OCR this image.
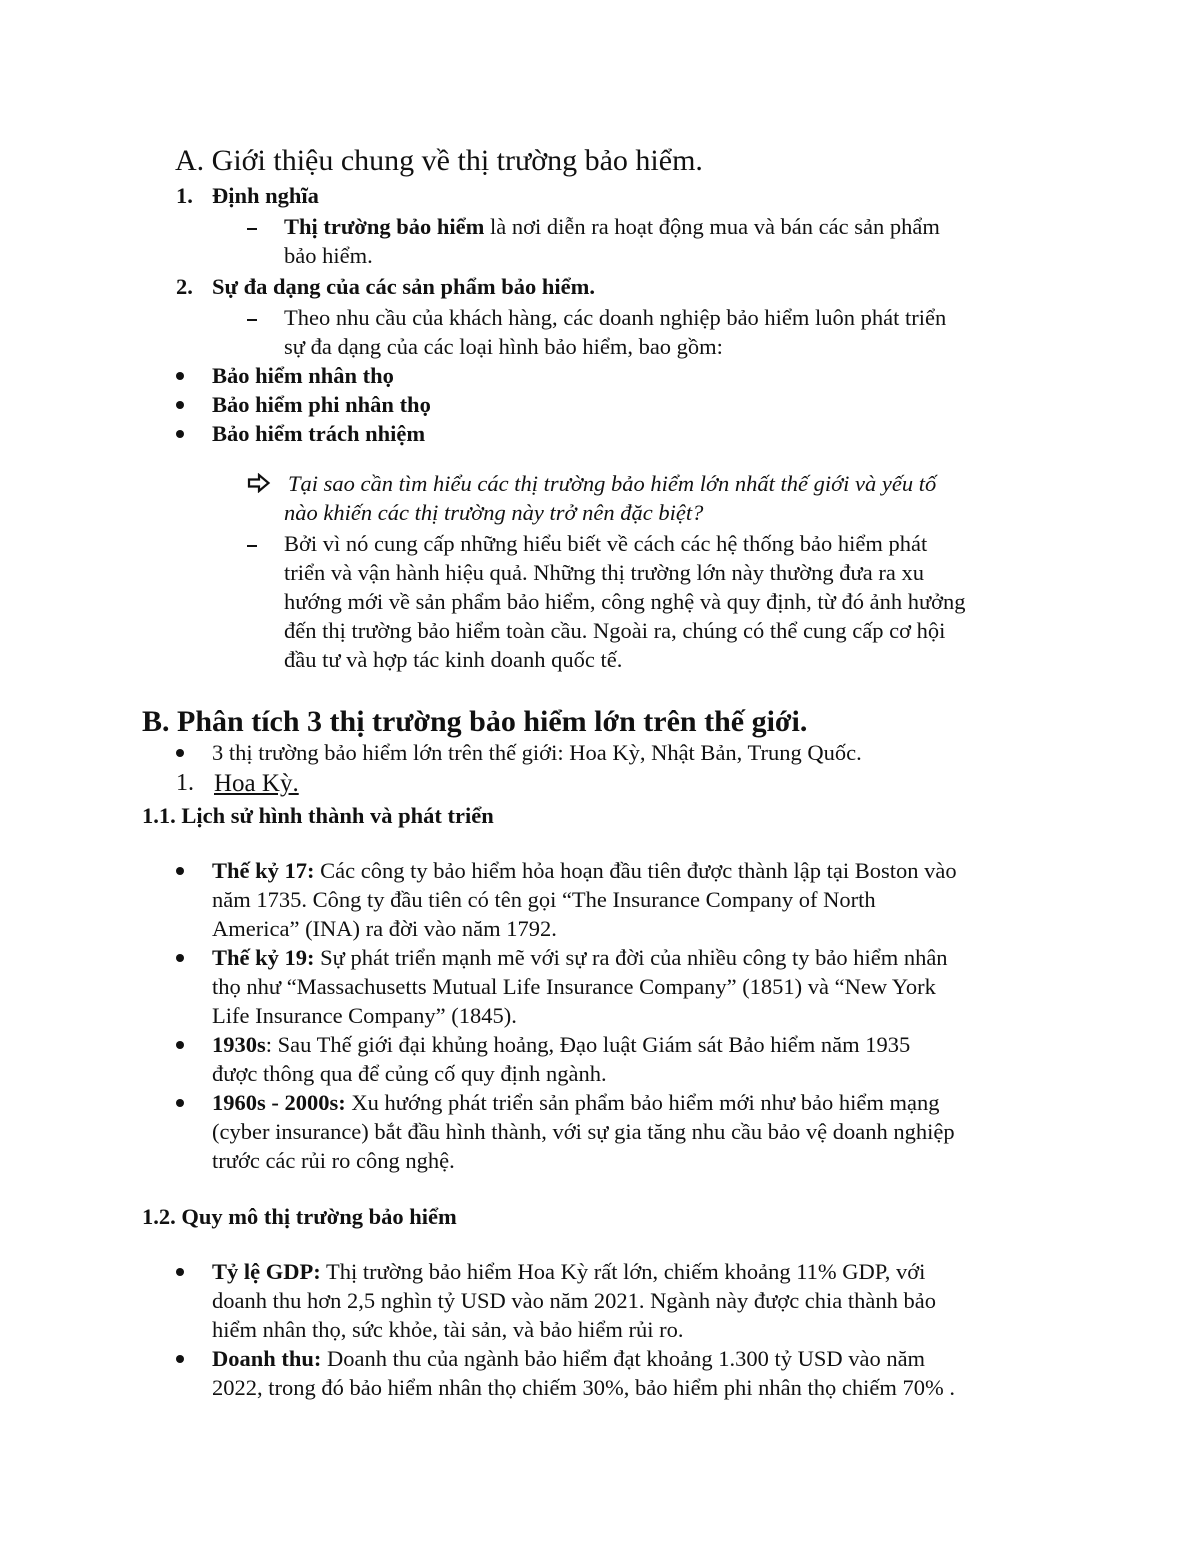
A. Giới thiệu chung về thị trường bảo hiểm.
1. Định nghĩa
Thị trường bảo hiểm là nơi diễn ra hoạt động mua và bán các sản phẩm
bảo hiểm.
2. Sự đa dạng của các sản phẩm bảo hiểm.
Theo nhu cầu của khách hàng, các doanh nghiệp bảo hiểm luôn phát triển
sự đa dạng của các loại hình bảo hiểm, bao gồm:
Bảo hiểm nhân thọ
Bảo hiểm phi nhân thọ
Bảo hiểm trách nhiệm
Tại sao cần tìm hiểu các thị trường bảo hiểm lớn nhất thế giới và yếu tố
nào khiến các thị trường này trở nên đặc biệt?
Bởi vì nó cung cấp những hiểu biết về cách các hệ thống bảo hiểm phát
triển và vận hành hiệu quả. Những thị trường lớn này thường đưa ra xu
hướng mới về sản phẩm bảo hiểm, công nghệ và quy định, từ đó ảnh hưởng
đến thị trường bảo hiểm toàn cầu. Ngoài ra, chúng có thể cung cấp cơ hội
đầu tư và hợp tác kinh doanh quốc tế.
B. Phân tích 3 thị trường bảo hiểm lớn trên thế giới.
3 thị trường bảo hiểm lớn trên thế giới: Hoa Kỳ, Nhật Bản, Trung Quốc.
1. Hoa Kỳ.
1.1. Lịch sử hình thành và phát triển
Thế kỷ 17: Các công ty bảo hiểm hỏa hoạn đầu tiên được thành lập tại Boston vào
năm 1735. Công ty đầu tiên có tên gọi “The Insurance Company of North
America” (INA) ra đời vào năm 1792.
Thế kỷ 19: Sự phát triển mạnh mẽ với sự ra đời của nhiều công ty bảo hiểm nhân
thọ như “Massachusetts Mutual Life Insurance Company” (1851) và “New York
Life Insurance Company” (1845).
1930s: Sau Thế giới đại khủng hoảng, Đạo luật Giám sát Bảo hiểm năm 1935
được thông qua để củng cố quy định ngành.
1960s - 2000s: Xu hướng phát triển sản phẩm bảo hiểm mới như bảo hiểm mạng
(cyber insurance) bắt đầu hình thành, với sự gia tăng nhu cầu bảo vệ doanh nghiệp
trước các rủi ro công nghệ.
1.2. Quy mô thị trường bảo hiểm
Tỷ lệ GDP: Thị trường bảo hiểm Hoa Kỳ rất lớn, chiếm khoảng 11% GDP, với
doanh thu hơn 2,5 nghìn tỷ USD vào năm 2021. Ngành này được chia thành bảo
hiểm nhân thọ, sức khỏe, tài sản, và bảo hiểm rủi ro.
Doanh thu: Doanh thu của ngành bảo hiểm đạt khoảng 1.300 tỷ USD vào năm
2022, trong đó bảo hiểm nhân thọ chiếm 30%, bảo hiểm phi nhân thọ chiếm 70% .
